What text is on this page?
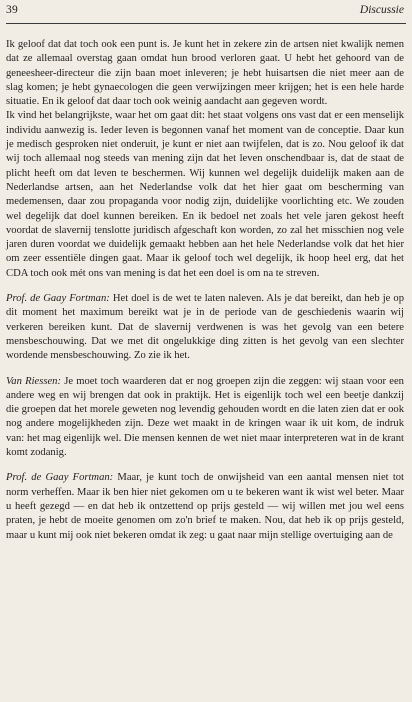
39	Discussie

Ik geloof dat dat toch ook een punt is. Je kunt het in zekere zin de artsen niet kwalijk nemen dat ze allemaal overstag gaan omdat hun brood verloren gaat. U hebt het gehoord van de geneesheer-directeur die zijn baan moet inleveren; je hebt huisartsen die niet meer aan de slag komen; je hebt gynaecologen die geen verwijzingen meer krijgen; het is een hele harde situatie. En ik geloof dat daar toch ook weinig aandacht aan gegeven wordt.

Ik vind het belangrijkste, waar het om gaat dit: het staat volgens ons vast dat er een menselijk individu aanwezig is. Ieder leven is begonnen vanaf het moment van de conceptie. Daar kun je medisch gesproken niet onderuit, je kunt er niet aan twijfelen, dat is zo. Nou geloof ik dat wij toch allemaal nog steeds van mening zijn dat het leven onschendbaar is, dat de staat de plicht heeft om dat leven te beschermen. Wij kunnen wel degelijk duidelijk maken aan de Nederlandse artsen, aan het Nederlandse volk dat het hier gaat om bescherming van medemensen, daar zou propaganda voor nodig zijn, duidelijke voorlichting etc. We zouden wel degelijk dat doel kunnen bereiken. En ik bedoel net zoals het vele jaren gekost heeft voordat de slavernij tenslotte juridisch afgeschaft kon worden, zo zal het misschien nog vele jaren duren voordat we duidelijk gemaakt hebben aan het hele Nederlandse volk dat het hier om zeer essentiële dingen gaat. Maar ik geloof toch wel degelijk, ik hoop heel erg, dat het CDA toch ook mét ons van mening is dat het een doel is om na te streven.

Prof. de Gaay Fortman: Het doel is de wet te laten naleven. Als je dat bereikt, dan heb je op dit moment het maximum bereikt wat je in de periode van de geschiedenis waarin wij verkeren bereiken kunt. Dat de slavernij verdwenen is was het gevolg van een betere mensbeschouwing. Dat we met dit ongelukkige ding zitten is het gevolg van een slechter wordende mensbeschouwing. Zo zie ik het.

Van Riessen: Je moet toch waarderen dat er nog groepen zijn die zeggen: wij staan voor een andere weg en wij brengen dat ook in praktijk. Het is eigenlijk toch wel een beetje dankzij die groepen dat het morele geweten nog levendig gehouden wordt en die laten zien dat er ook nog andere mogelijkheden zijn. Deze wet maakt in de kringen waar ik uit kom, de indruk van: het mag eigenlijk wel. Die mensen kennen de wet niet maar interpreteren wat in de krant komt zodanig.

Prof. de Gaay Fortman: Maar, je kunt toch de onwijsheid van een aantal mensen niet tot norm verheffen. Maar ik ben hier niet gekomen om u te bekeren want ik wist wel beter. Maar u heeft gezegd — en dat heb ik ontzettend op prijs gesteld — wij willen met jou wel eens praten, je hebt de moeite genomen om zo'n brief te maken. Nou, dat heb ik op prijs gesteld, maar u kunt mij ook niet bekeren omdat ik zeg: u gaat naar mijn stellige overtuiging aan de
